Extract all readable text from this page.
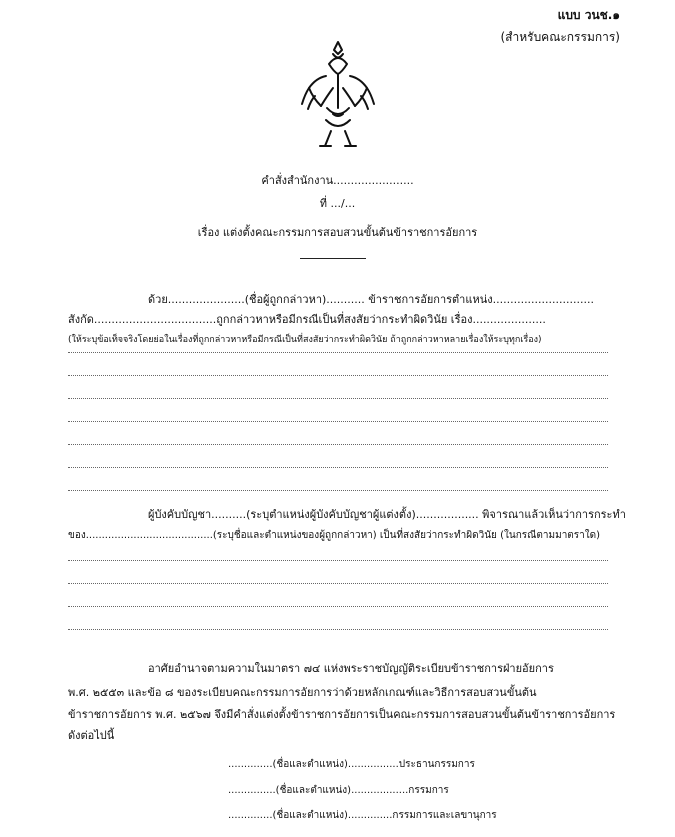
แบบ วนช.๑
(สำหรับคณะกรรมการ)
คำสั่งสำนักงาน.......................
ที่ .../...
เรื่อง แต่งตั้งคณะกรรมการสอบสวนขั้นต้นข้าราชการอัยการ
ด้วย......................(ชื่อผู้ถูกกล่าวหา)........... ข้าราชการอัยการตำแหน่ง.............................
สังกัด...................................ถูกกล่าวหาหรือมีกรณีเป็นที่สงสัยว่ากระทำผิดวินัย เรื่อง.....................
(ให้ระบุข้อเท็จจริงโดยย่อในเรื่องที่ถูกกล่าวหาหรือมีกรณีเป็นที่สงสัยว่ากระทำผิดวินัย ถ้าถูกกล่าวหาหลายเรื่องให้ระบุทุกเรื่อง)
ผู้บังคับบัญชา..........(ระบุตำแหน่งผู้บังคับบัญชาผู้แต่งตั้ง).................. พิจารณาแล้วเห็นว่าการกระทำ
ของ........................................(ระบุชื่อและตำแหน่งของผู้ถูกกล่าวหา) เป็นที่สงสัยว่ากระทำผิดวินัย (ในกรณีตามมาตราใด)
อาศัยอำนาจตามความในมาตรา ๗๔ แห่งพระราชบัญญัติระเบียบข้าราชการฝ่ายอัยการ
พ.ศ. ๒๕๕๓ และข้อ ๘ ของระเบียบคณะกรรมการอัยการว่าด้วยหลักเกณฑ์และวิธีการสอบสวนขั้นต้น
ข้าราชการอัยการ พ.ศ. ๒๕๖๗ จึงมีคำสั่งแต่งตั้งข้าราชการอัยการเป็นคณะกรรมการสอบสวนขั้นต้นข้าราชการอัยการ
ดังต่อไปนี้
..............(ชื่อและตำแหน่ง)................ประธานกรรมการ
...............(ชื่อและตำแหน่ง)..................กรรมการ
..............(ชื่อและตำแหน่ง)..............กรรมการและเลขานุการ
